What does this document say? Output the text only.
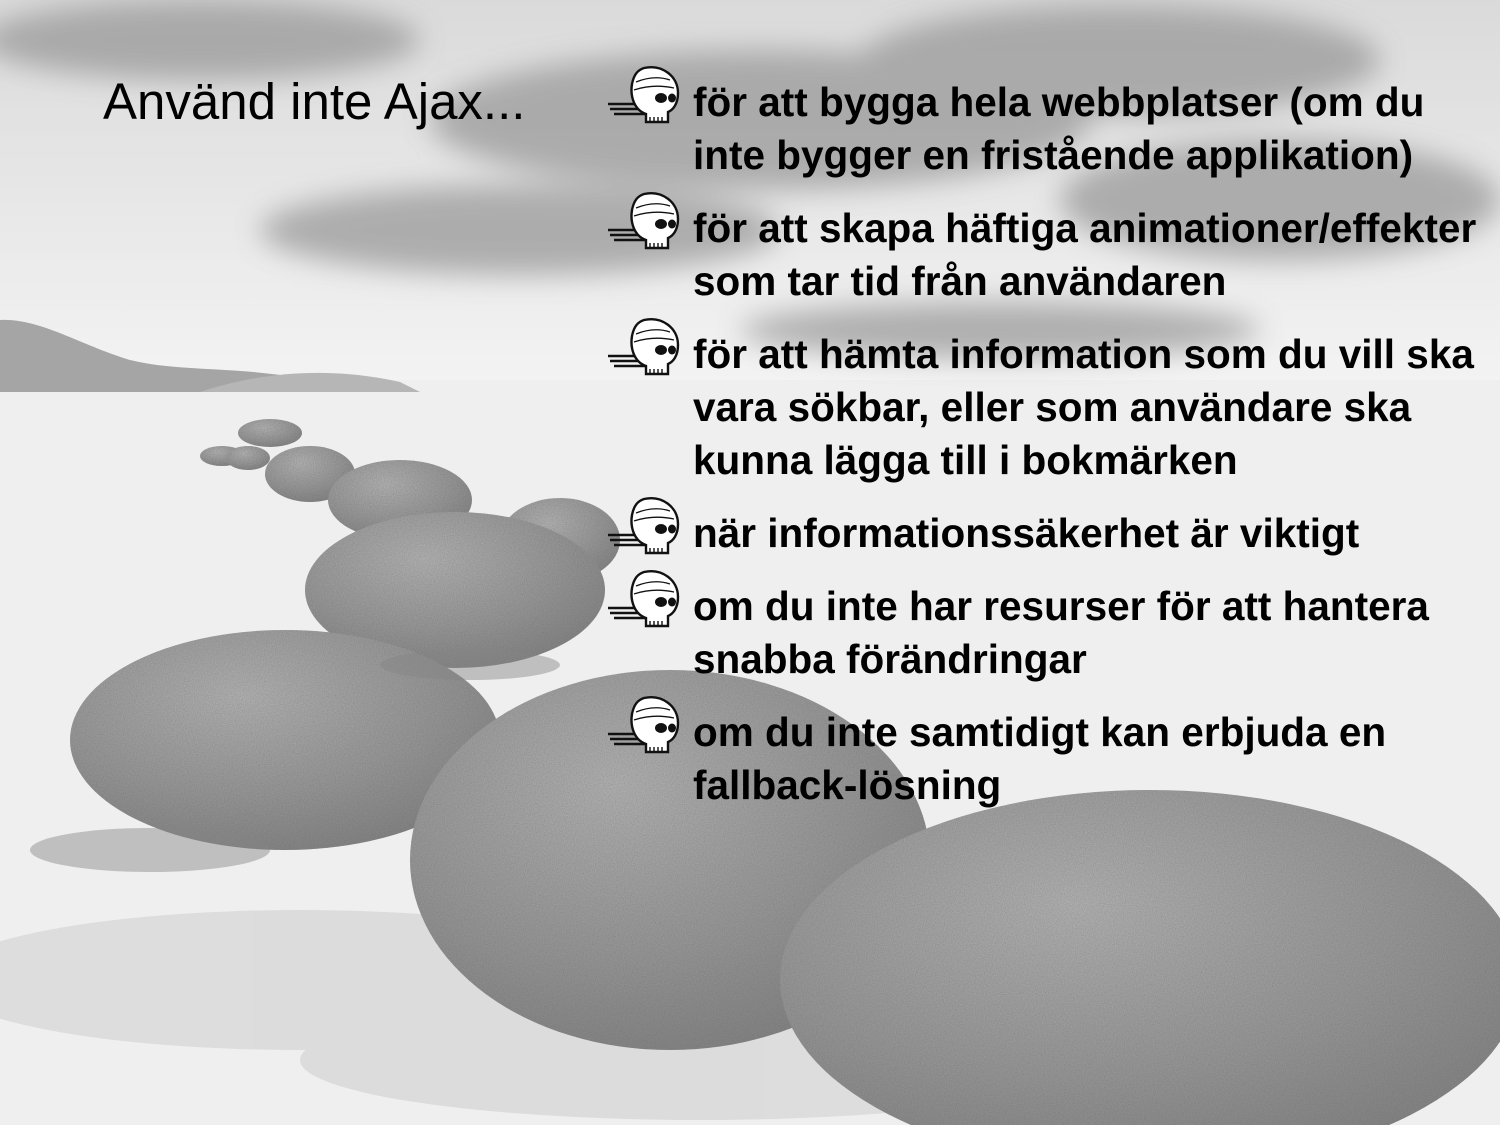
Använd inte Ajax...	för att bygga hela webbplatser (om du inte bygger en fristående applikation)
för att skapa häftiga animationer/effekter som tar tid från användaren
för att hämta information som du vill ska vara sökbar, eller som användare ska kunna lägga till i bokmärken
när informationssäkerhet är viktigt
om du inte har resurser för att hantera snabba förändringar
om du inte samtidigt kan erbjuda en fallback-lösning
